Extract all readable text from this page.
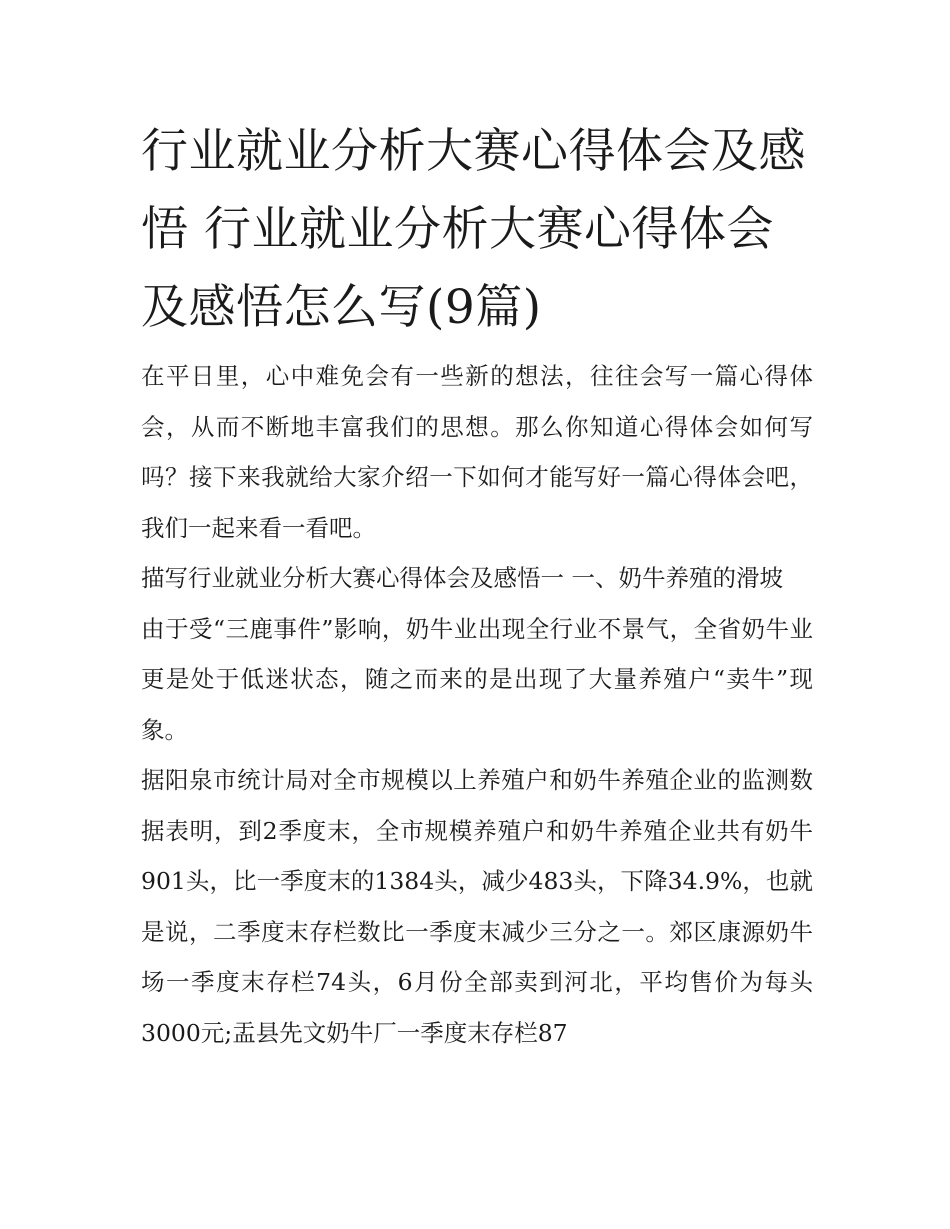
行业就业分析大赛心得体会及感悟 行业就业分析大赛心得体会及感悟怎么写(9篇)

在平日里，心中难免会有一些新的想法，往往会写一篇心得体会，从而不断地丰富我们的思想。那么你知道心得体会如何写吗？接下来我就给大家介绍一下如何才能写好一篇心得体会吧，我们一起来看一看吧。

描写行业就业分析大赛心得体会及感悟一 一、奶牛养殖的滑坡

由于受“三鹿事件”影响，奶牛业出现全行业不景气，全省奶牛业更是处于低迷状态，随之而来的是出现了大量养殖户“卖牛”现象。

据阳泉市统计局对全市规模以上养殖户和奶牛养殖企业的监测数据表明，到2季度末，全市规模养殖户和奶牛养殖企业共有奶牛901头，比一季度末的1384头，减少483头，下降34.9%，也就是说，二季度末存栏数比一季度末减少三分之一。郊区康源奶牛场一季度末存栏74头，6月份全部卖到河北，平均售价为每头3000元;盂县先文奶牛厂一季度末存栏87
